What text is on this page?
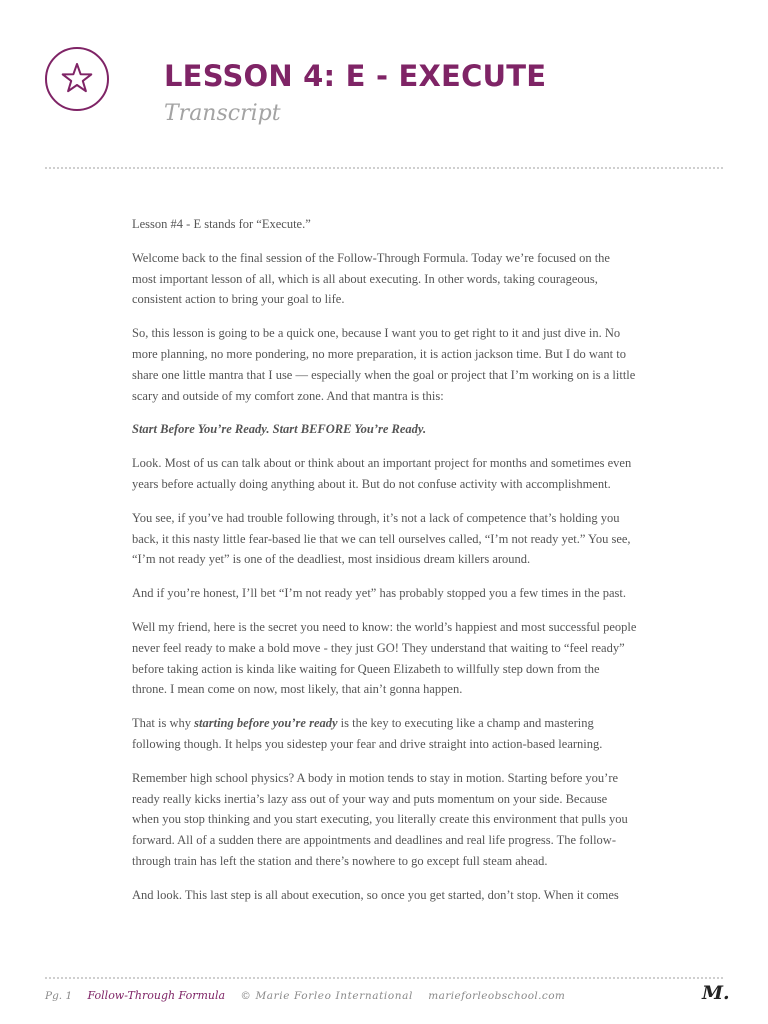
LESSON 4: E - EXECUTE
Transcript

Lesson #4 - E stands for “Execute.”

Welcome back to the final session of the Follow-Through Formula. Today we’re focused on the most important lesson of all, which is all about executing. In other words, taking courageous, consistent action to bring your goal to life.

So, this lesson is going to be a quick one, because I want you to get right to it and just dive in. No more planning, no more pondering, no more preparation, it is action jackson time. But I do want to share one little mantra that I use — especially when the goal or project that I’m working on is a little scary and outside of my comfort zone. And that mantra is this:

Start Before You’re Ready. Start BEFORE You’re Ready.

Look. Most of us can talk about or think about an important project for months and sometimes even years before actually doing anything about it. But do not confuse activity with accomplishment.

You see, if you’ve had trouble following through, it’s not a lack of competence that’s holding you back, it this nasty little fear-based lie that we can tell ourselves called, “I’m not ready yet.” You see, “I’m not ready yet” is one of the deadliest, most insidious dream killers around.

And if you’re honest, I’ll bet “I’m not ready yet” has probably stopped you a few times in the past.

Well my friend, here is the secret you need to know: the world’s happiest and most successful people never feel ready to make a bold move - they just GO! They understand that waiting to “feel ready” before taking action is kinda like waiting for Queen Elizabeth to willfully step down from the throne. I mean come on now, most likely, that ain’t gonna happen.

That is why starting before you’re ready is the key to executing like a champ and mastering following though. It helps you sidestep your fear and drive straight into action-based learning.

Remember high school physics? A body in motion tends to stay in motion. Starting before you’re ready really kicks inertia’s lazy ass out of your way and puts momentum on your side. Because when you stop thinking and you start executing, you literally create this environment that pulls you forward. All of a sudden there are appointments and deadlines and real life progress. The follow-through train has left the station and there’s nowhere to go except full steam ahead.

And look. This last step is all about execution, so once you get started, don’t stop. When it comes

Pg. 1 Follow-Through Formula © Marie Forleo International marieforleobschool.com	M.
